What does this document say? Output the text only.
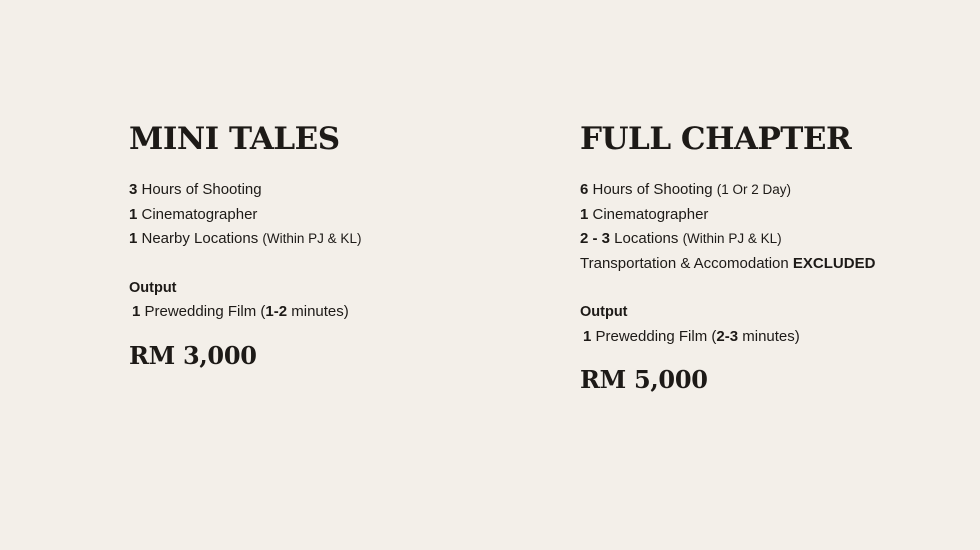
MINI TALES
3 Hours of Shooting
1 Cinematographer
1 Nearby Locations (Within PJ & KL)
Output
1 Prewedding Film (1-2 minutes)
RM 3,000
FULL CHAPTER
6 Hours of Shooting (1 Or 2 Day)
1 Cinematographer
2 - 3 Locations (Within PJ & KL)
Transportation & Accomodation EXCLUDED
Output
1 Prewedding Film (2-3 minutes)
RM 5,000
